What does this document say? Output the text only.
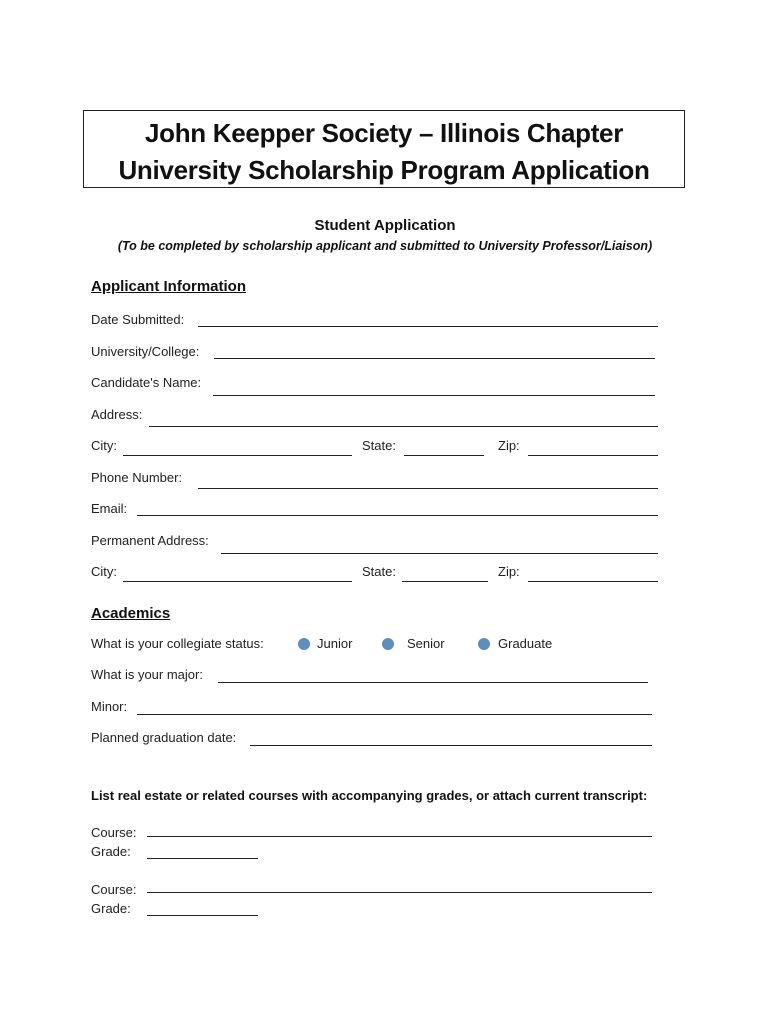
John Keepper Society – Illinois Chapter
University Scholarship Program Application
Student Application
(To be completed by scholarship applicant and submitted to University Professor/Liaison)
Applicant Information
Date Submitted:
University/College:
Candidate's Name:
Address:
City:	State:	Zip:
Phone Number:
Email:
Permanent Address:
City:	State:	Zip:
Academics
What is your collegiate status:	Junior	Senior	Graduate
What is your major:
Minor:
Planned graduation date:
List real estate or related courses with accompanying grades, or attach current transcript:
Course:
Grade:
Course:
Grade:
